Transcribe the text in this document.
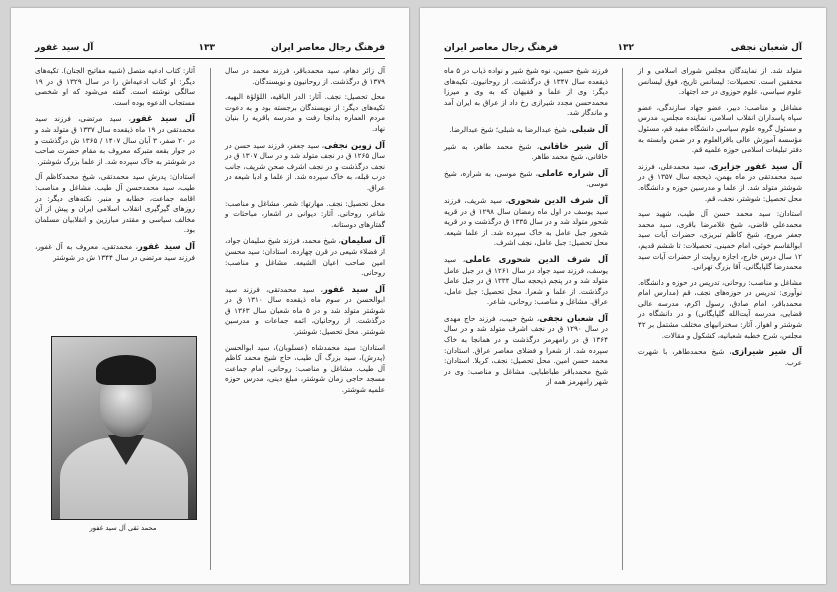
فرهنگ رجال معاصر ایران
۱۳۳
آل سید غفور

آل زائر دهام، سید محمدباقر، فرزند محمد در سال ۱۳۷۹ ق درگذشت. از روحانیون و نویسندگان.

محل تحصیل: نجف. آثار: الدر الباقیه، اللؤلؤة البهیه. تکیه‌های دیگر: از نویسندگان برجسته بود و به دعوت مردم العماره بدانجا رفت و مدرسه باقریه را بنیان نهاد.

آل زوین نجفی، سید جعفر، فرزند سید حسن در سال ۱۲۶۵ ق در نجف متولد شد و در سال ۱۳۰۷ ق در نجف درگذشت و در نجف اشرف صحن شریف، جانب درب قبله، به خاک سپرده شد. از علما و ادبا شیعه در عراق.

محل تحصیل: نجف. مهارتها: شعر. مشاغل و مناصب: شاعر، روحانی. آثار: دیوانی در اشعار، مباحثات و گفتارهای دوستانه.

آل سلیمان، شیخ محمد، فرزند شیخ سلیمان جواد، از فضلاء شیعی در قرن چهارده. استادان: سید محسن امین صاحب اعیان الشیعه. مشاغل و مناصب: روحانی.

آل سید غفور، سید محمدتقی، فرزند سید ابوالحسن در سوم ماه ذیقعده سال ۱۳۱۰ ق در شوشتر متولد شد و در ۵ ماه شعبان سال ۱۳۶۳ ق درگذشت. از روحانیان، ائمه جماعات و مدرسین شوشتر. محل تحصیل: شوشتر.

استادان: سید محمدشاه (عسلوبان)، سید ابوالحسن (پدرش)، سید بزرگ آل طیب، حاج شیخ محمد کاظم آل طیب. مشاغل و مناصب: روحانی، امام جماعت مسجد حاجی زمان شوشتر، مبلغ دینی، مدرس حوزه علمیه شوشتر.

آثار: کتاب ادعیه متصل (شبیه مفاتیح الجنان). تکیه‌های دیگر: او کتاب ادعیه‌اش را در سال ۱۳۲۹ ق در ۱۹ سالگی نوشته است. گفته می‌شود که او شخصی مستجاب الدعوه بوده است.

آل سید غفور، سید مرتضی، فرزند سید محمدتقی در ۱۹ ماه ذیقعده سال ۱۳۳۷ ق متولد شد و در ۲۰ صفر، ۳ آبان سال ۱۴۰۷ / ۱۳۶۵ ش درگذشت و در جوار بقعه متبرکه معروف به مقام حضرت صاحب در شوشتر به خاک سپرده شد. از علما بزرگ شوشتر.

استادان: پدرش سید محمدتقی، شیخ محمدکاظم آل طیب، سید محمدحسن آل طیب. مشاغل و مناصب: اقامه جماعت، خطابه و منبر. نکته‌های دیگر: در روزهای گیرگیری انقلاب اسلامی ایران و پیش از آن مخالف سیاسی و مقتدر مبارزین و انقلابیان مسلمان بود.

آل سید غفور، محمدتقی، معروف به آل غفور، فرزند سید مرتضی در سال ۱۳۴۴ ش در شوشتر

محمد تقی آل سید غفور
آل شعبان نجفی
۱۳۲
فرهنگ رجال معاصر ایران

متولد شد. از نمایندگان مجلس شورای اسلامی و از محققین است. تحصیلات: لیسانس تاریخ، فوق لیسانس علوم سیاسی، علوم حوزوی در حد اجتهاد.

مشاغل و مناصب: دبیر، عضو جهاد سازندگی، عضو سپاه پاسداران انقلاب اسلامی، نماینده مجلس، مدرس و مسئول گروه علوم سیاسی دانشگاه مفید قم، مسئول مؤسسه آموزش عالی باقرالعلوم و در ضمن وابسته به دفتر تبلیغات اسلامی حوزه علمیه قم.

آل سید غفور جزایری، سید محمدعلی، فرزند سید محمدتقی در ماه بهمن، ذیحجه سال ۱۳۵۷ ق در شوشتر متولد شد. از علما و مدرسین حوزه و دانشگاه. محل تحصیل: شوشتر، نجف، قم.

استادان: سید محمد حسن آل طیب، شهید سید محمدعلی قاضی، شیخ غلامرضا باقری، سید محمد جعفر مروج، شیخ کاظم تبریزی، حضرات آیات سید ابوالقاسم خوئی، امام خمینی. تحصیلات: تا ششم قدیم، ۱۲ سال درس خارج، اجازه روایت از حضرات آیات سید محمدرضا گلپایگانی، آقا بزرگ تهرانی.

مشاغل و مناصب: روحانی، تدریس در حوزه و دانشگاه. نوآوری: تدریس در حوزه‌های نجف، قم (مدارس امام محمدباقر، امام صادق، رسول اکرم، مدرسه عالی قضایی، مدرسه آیت‌الله گلپایگانی) و در دانشگاه در شوشتر و اهواز. آثار: سخنرانیهای مختلف مشتمل بر ۴۲ مجلس، شرح خطبه شعبانیه، کشکول و مقالات.

آل شیر شیرازی، شیخ محمدطاهر، با شهرت عرب.

فرزند شیخ حسین، نوه شیخ شیر و نواده ذیاب در ۵ ماه ذیقعده سال ۱۳۴۷ ق درگذشت. از روحانیون. تکیه‌های دیگر: وی از علما و فقیهان که به وی و میرزا محمدحسن مجدد شیرازی رخ داد از عراق به ایران آمد و ماندگار شد.

آل شبلی، شیخ عبدالرضا به شبلی؛ شیخ عبدالرضا.

آل شیر خاقانی، شیخ محمد طاهر، به شیر خاقانی، شیخ محمد طاهر.

آل شراره عاملی، شیخ موسی، به شراره، شیخ موسی.

آل شرف الدین شحوری، سید شریف، فرزند سید یوسف در اول ماه رمضان سال ۱۲۹۸ ق در قریه شحور متولد شد و در سال ۱۳۳۵ ق درگذشت و در قریه شحور جبل عامل به خاک سپرده شد. از علما شیعه. محل تحصیل: جبل عامل، نجف اشرف.

آل شرف الدین شحوری عاملی، سید یوسف، فرزند سید جواد در سال ۱۲۶۱ ق در جبل عامل متولد شد و در پنجم ذیحجه سال ۱۳۳۴ ق در جبل عامل درگذشت. از علما و شعرا. محل تحصیل: جبل عامل، عراق. مشاغل و مناصب: روحانی، شاعر.

آل شعبان نجفی، شیخ حبیب، فرزند حاج مهدی در سال ۱۲۹۰ ق در نجف اشرف متولد شد و در سال ۱۳۶۴ ق در رامهرمز درگذشت و در همانجا به خاک سپرده شد. از شعرا و فضلای معاصر عراق. استادان: محمد حسن امین. محل تحصیل: نجف، کربلا. استادان: شیخ محمدباقر طباطبایی. مشاغل و مناصب: وی در شهر رامهرمز همه از
